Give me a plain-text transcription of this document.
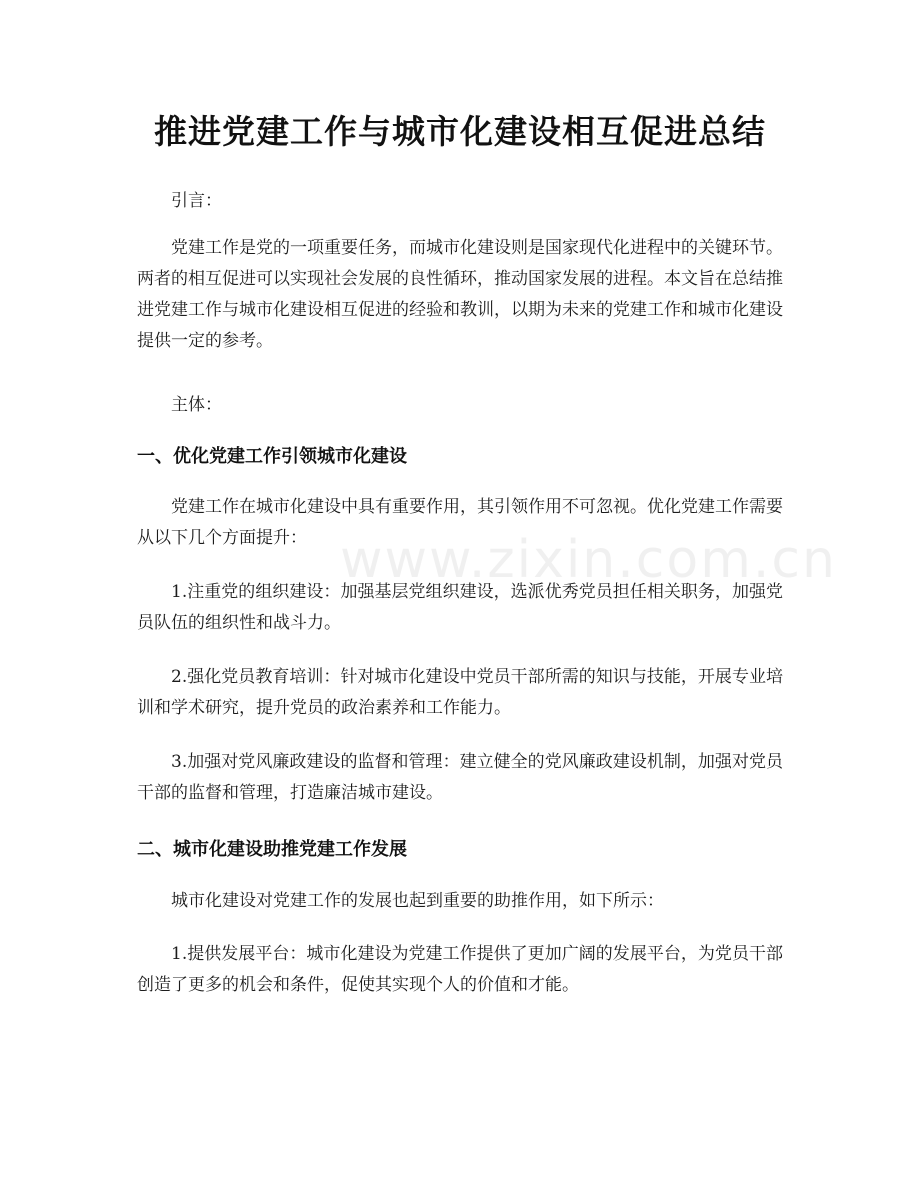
www.zixin.com.cn
推进党建工作与城市化建设相互促进总结

引言：

党建工作是党的一项重要任务，而城市化建设则是国家现代化进程中的关键环节。两者的相互促进可以实现社会发展的良性循环，推动国家发展的进程。本文旨在总结推进党建工作与城市化建设相互促进的经验和教训，以期为未来的党建工作和城市化建设提供一定的参考。

主体：

一、优化党建工作引领城市化建设

党建工作在城市化建设中具有重要作用，其引领作用不可忽视。优化党建工作需要从以下几个方面提升：

1.注重党的组织建设：加强基层党组织建设，选派优秀党员担任相关职务，加强党员队伍的组织性和战斗力。

2.强化党员教育培训：针对城市化建设中党员干部所需的知识与技能，开展专业培训和学术研究，提升党员的政治素养和工作能力。

3.加强对党风廉政建设的监督和管理：建立健全的党风廉政建设机制，加强对党员干部的监督和管理，打造廉洁城市建设。

二、城市化建设助推党建工作发展

城市化建设对党建工作的发展也起到重要的助推作用，如下所示：

1.提供发展平台：城市化建设为党建工作提供了更加广阔的发展平台，为党员干部创造了更多的机会和条件，促使其实现个人的价值和才能。
